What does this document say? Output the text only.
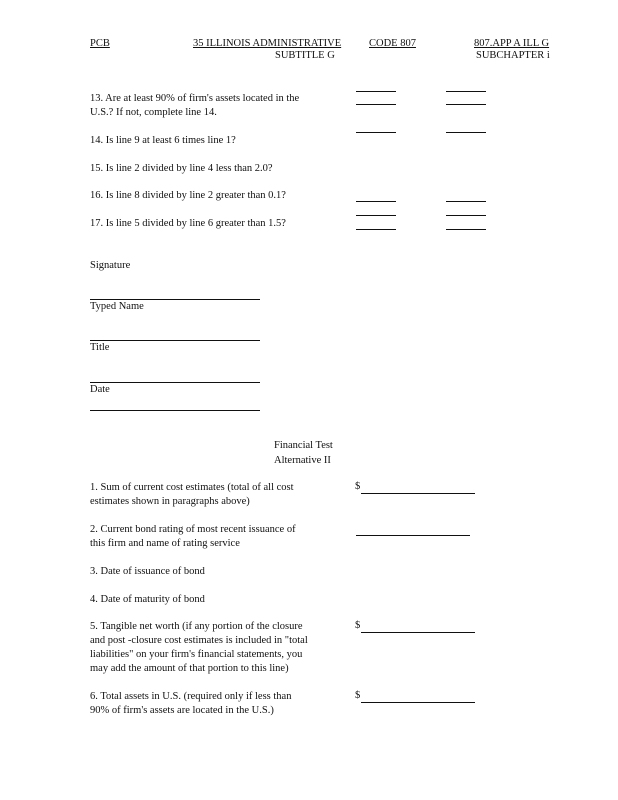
PCB	35 ILLINOIS ADMINISTRATIVE
SUBTITLE G
CODE 807	807.APP A ILL G
SUBCHAPTER i
13. Are at least 90% of firm's assets located in the
U.S.? If not, complete line 14.
14. Is line 9 at least 6 times line 1?
15. Is line 2 divided by line 4 less than 2.0?
16. Is line 8 divided by line 2 greater than 0.1?
17. Is line 5 divided by line 6 greater than 1.5?
Signature
Typed Name
Title
Date
Financial Test
Alternative II
1. Sum of current cost estimates (total of all cost
estimates shown in paragraphs above)
$
2. Current bond rating of most recent issuance of
this firm and name of rating service
3. Date of issuance of bond
4. Date of maturity of bond
5. Tangible net worth (if any portion of the closure
and post -closure cost estimates is included in "total
liabilities" on your firm's financial statements, you
may add the amount of that portion to this line)
$
6. Total assets in U.S. (required only if less than
90% of firm's assets are located in the U.S.)
$
